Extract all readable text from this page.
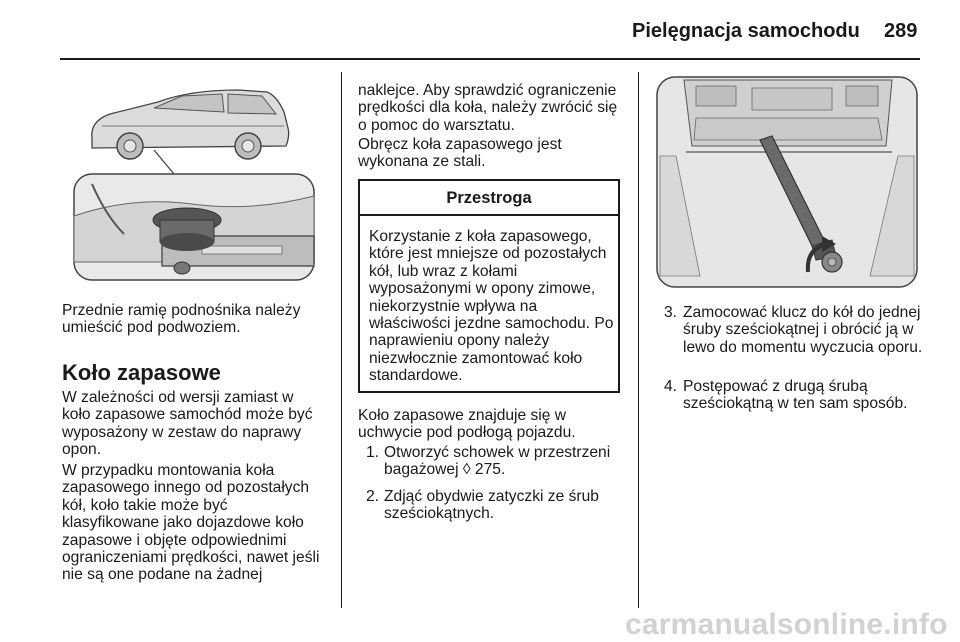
Pielęgnacja samochodu 289
Przednie ramię podnośnika należy umieścić pod podwoziem.
Koło zapasowe
W zależności od wersji zamiast w koło zapasowe samochód może być wyposażony w zestaw do naprawy opon.
W przypadku montowania koła zapasowego innego od pozostałych kół, koło takie może być klasyfikowane jako dojazdowe koło zapasowe i objęte odpowiednimi ograniczeniami prędkości, nawet jeśli nie są one podane na żadnej
naklejce. Aby sprawdzić ograniczenie prędkości dla koła, należy zwrócić się o pomoc do warsztatu.
Obręcz koła zapasowego jest wykonana ze stali.
Przestroga
Korzystanie z koła zapasowego, które jest mniejsze od pozostałych kół, lub wraz z kołami wyposażonymi w opony zimowe, niekorzystnie wpływa na właściwości jezdne samochodu. Po naprawieniu opony należy niezwłocznie zamontować koło standardowe.
Koło zapasowe znajduje się w uchwycie pod podłogą pojazdu.
1. Otworzyć schowek w przestrzeni bagażowej ◊ 275.
2. Zdjąć obydwie zatyczki ze śrub sześciokątnych.
3. Zamocować klucz do kół do jednej śruby sześciokątnej i obrócić ją w lewo do momentu wyczucia oporu.
4. Postępować z drugą śrubą sześciokątną w ten sam sposób.
carmanualsonline.info
